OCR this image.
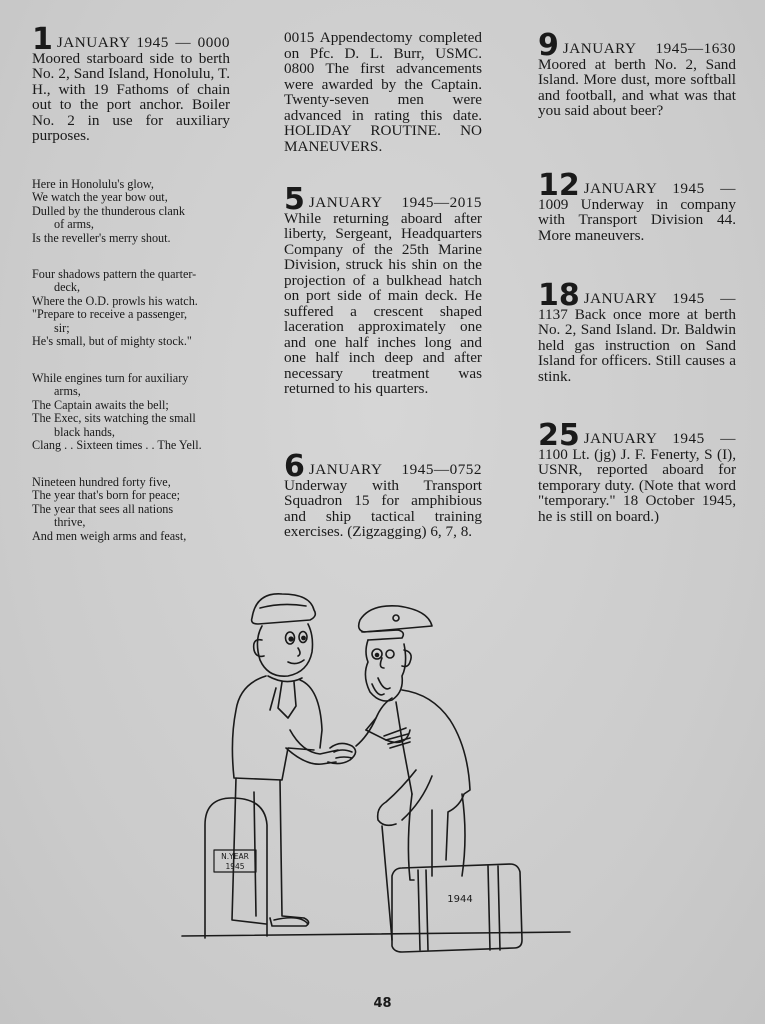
1 JANUARY 1945 — 0000 Moored starboard side to berth No. 2, Sand Island, Honolulu, T. H., with 19 Fathoms of chain out to the port anchor. Boiler No. 2 in use for auxiliary purposes.

Here in Honolulu's glow,
We watch the year bow out,
Dulled by the thunderous clank
of arms,
Is the reveller's merry shout.

Four shadows pattern the quarter-
deck,
Where the O.D. prowls his watch.
"Prepare to receive a passenger,
sir;
He's small, but of mighty stock."

While engines turn for auxiliary
arms,
The Captain awaits the bell;
The Exec, sits watching the small
black hands,
Clang . . Sixteen times . . The Yell.

Nineteen hundred forty five,
The year that's born for peace;
The year that sees all nations
thrive,
And men weigh arms and feast,

0015 Appendectomy completed on Pfc. D. L. Burr, USMC. 0800 The first advancements were awarded by the Captain. Twenty-seven men were advanced in rating this date. HOLIDAY ROUTINE. NO MANEUVERS.

5 JANUARY 1945—2015 While returning aboard after liberty, Sergeant, Headquarters Company of the 25th Marine Division, struck his shin on the projection of a bulkhead hatch on port side of main deck. He suffered a crescent shaped laceration approximately one and one half inches long and one half inch deep and after necessary treatment was returned to his quarters.

6 JANUARY 1945—0752 Underway with Transport Squadron 15 for amphibious and ship tactical training exercises. (Zigzagging) 6, 7, 8.

9 JANUARY 1945—1630 Moored at berth No. 2, Sand Island. More dust, more softball and football, and what was that you said about beer?

12 JANUARY 1945 — 1009 Underway in company with Transport Division 44. More maneuvers.

18 JANUARY 1945 — 1137 Back once more at berth No. 2, Sand Island. Dr. Baldwin held gas instruction on Sand Island for officers. Still causes a stink.

25 JANUARY 1945 — 1100 Lt. (jg) J. F. Fenerty, S (I), USNR, reported aboard for temporary duty. (Note that word "temporary." 18 October 1945, he is still on board.)

N.YEAR
1945
1944
48
